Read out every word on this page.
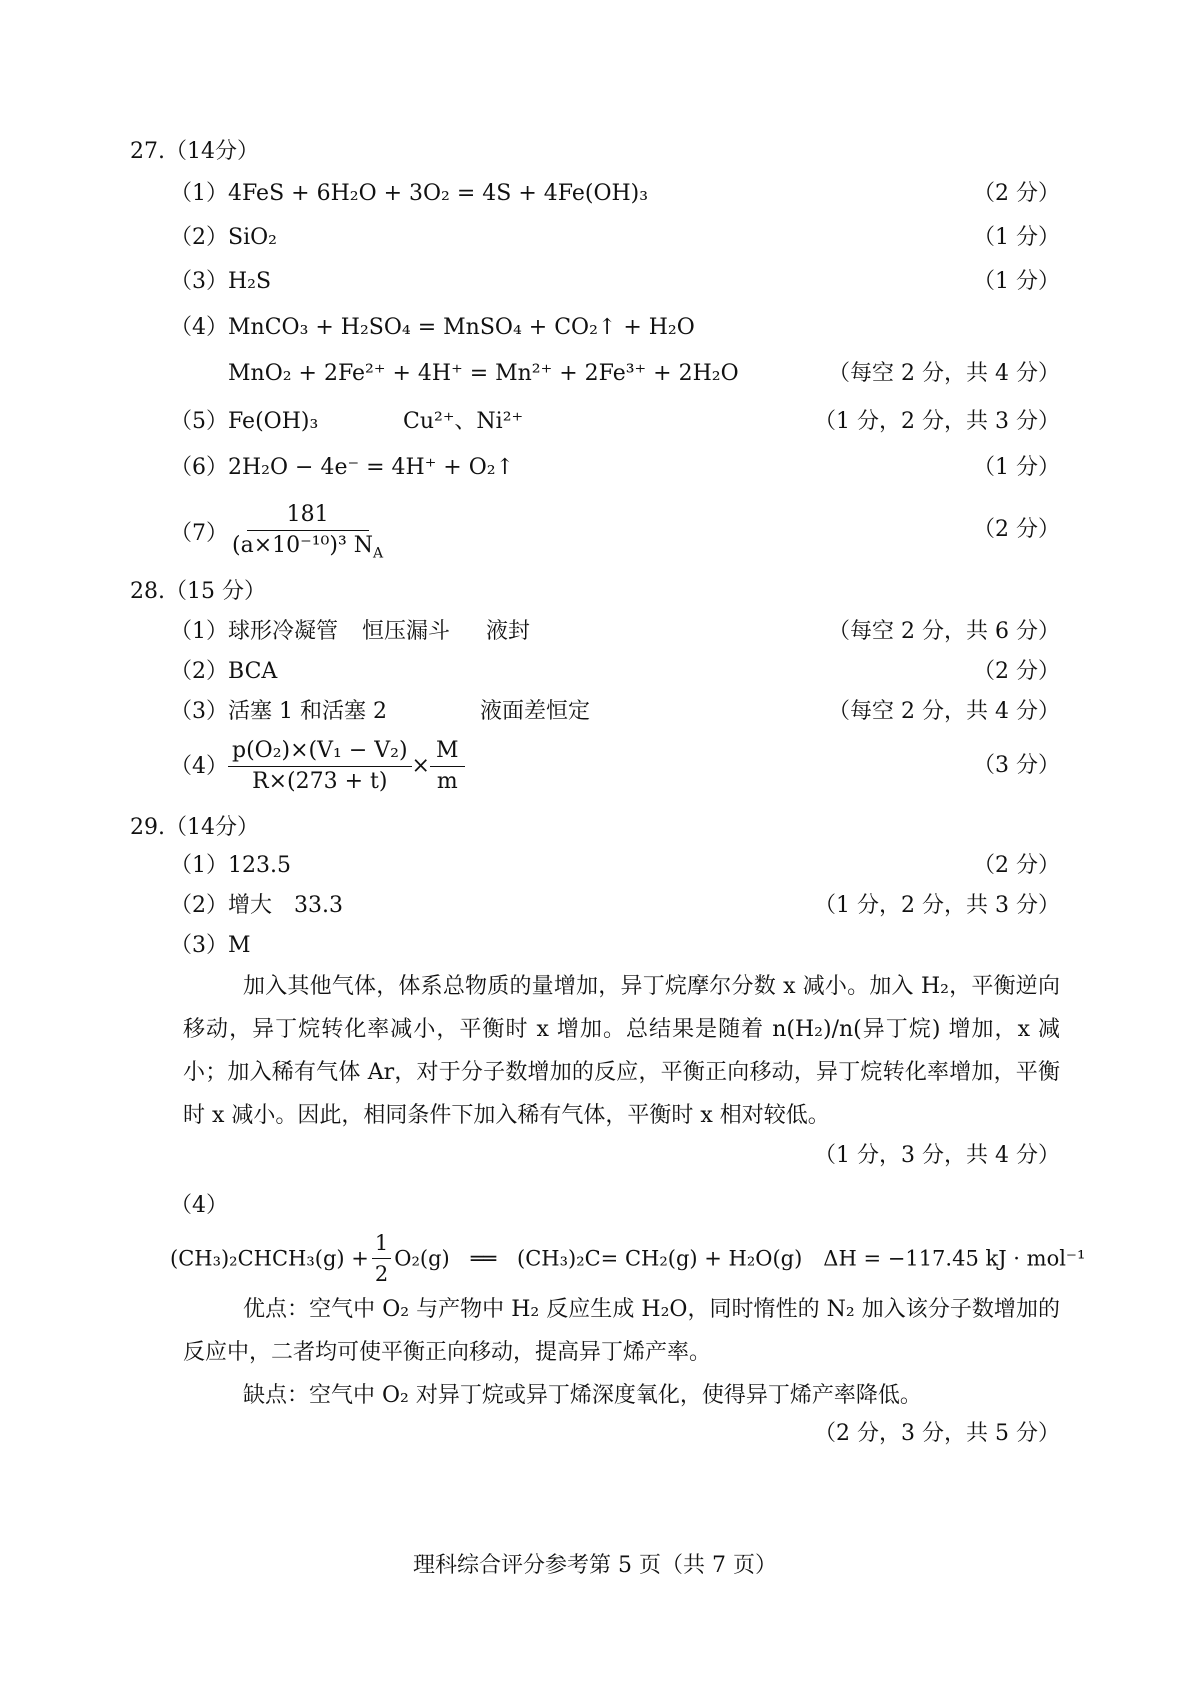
27.（14分）
（1）4FeS + 6H₂O + 3O₂ = 4S + 4Fe(OH)₃	（2 分）
（2）SiO₂	（1 分）
（3）H₂S	（1 分）
（4）MnCO₃ + H₂SO₄ = MnSO₄ + CO₂↑ + H₂O
MnO₂ + 2Fe²⁺ + 4H⁺ = Mn²⁺ + 2Fe³⁺ + 2H₂O	（每空 2 分，共 4 分）
（5）Fe(OH)₃	Cu²⁺、Ni²⁺	（1 分，2 分，共 3 分）
（6）2H₂O − 4e⁻ = 4H⁺ + O₂↑	（1 分）
$(7) \frac{181}{(a\times 10^{-10})^3 N_A}$	（2 分）
28.（15 分）
（1）球形冷凝管 恒压漏斗 液封	（每空 2 分，共 6 分）
（2）BCA	（2 分）
（3）活塞 1 和活塞 2	液面差恒定	（每空 2 分，共 4 分）
$(4) \frac{\text{p(O₂)×(V₁ − V₂)}}{R\times(273 + t)} \times \frac{M}{m}$	（3 分）
29.（14分）
（1）123.5	（2 分）
（2）增大　33.3	（1 分，2 分，共 3 分）
（3）M
加入其他气体，体系总物质的量增加，异丁烷摩尔分数 x 减小。加入 H₂，平衡逆向移动，异丁烷转化率减小，平衡时 x 增加。总结果是随着 n(H₂)/n(异丁烷) 增加，x 减小；加入稀有气体 Ar，对于分子数增加的反应，平衡正向移动，异丁烷转化率增加，平衡时 x 减小。因此，相同条件下加入稀有气体，平衡时 x 相对较低。
（1 分，3 分，共 4 分）
（4）
(CH₃)₂CHCH₃(g) + $\frac{1}{2} O_2(g)$　══　(CH₃)₂C= CH₂(g) + H₂O(g)　ΔH = −117.45 kJ · mol⁻¹
优点：空气中 O₂ 与产物中 H₂ 反应生成 H₂O，同时惰性的 N₂ 加入该分子数增加的反应中，二者均可使平衡正向移动，提高异丁烯产率。
缺点：空气中 O₂ 对异丁烷或异丁烯深度氧化，使得异丁烯产率降低。
（2 分，3 分，共 5 分）
理科综合评分参考第 5 页（共 7 页）
